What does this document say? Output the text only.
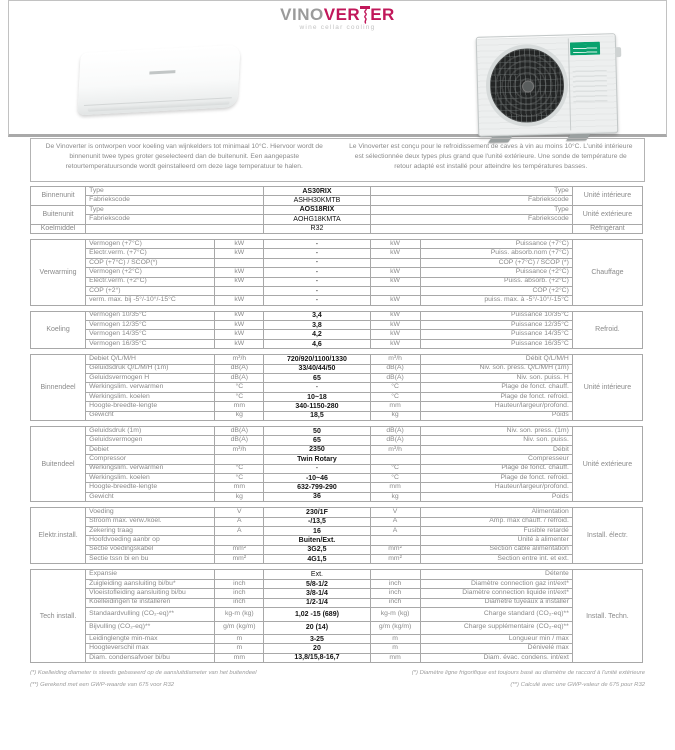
VINOVER ER
wine cellar cooling
De Vinoverter is ontworpen voor koeling van wijnkelders tot minimaal 10°C. Hiervoor wordt de binnenunit twee types groter geselecteerd dan de buitenunit. Een aangepaste retourtemperatuursonde wordt geinstalleerd om deze lage temperatuur te halen.
Le Vinoverter est conçu pour le refroidissement de caves à vin au moins 10°C. L'unité intérieure est sélectionnée deux types plus grand que l'unité extérieure. Une sonde de température de retour adapté est installé pour atteindre les températures basses.
Binnenunit	Type	AS30RIX	Type	Unité intérieure
	Fabriekscode	ASHH30KMTB	Fabriekscode	
Buitenunit	Type	AOS18RIX	Type	Unité extérieure
	Fabriekscode	AOHG18KMTA	Fabriekscode	
Koelmiddel		R32		Réfrigérant
Verwarming	Vermogen (+7°C)	kW	-	kW	Puissance (+7°C)	Chauffage
	Electr.verm. (+7°C)	kW	-	kW	Puiss. absorb.nom (+7°C)	
	COP (+7°C) / SCOP(*)		-		COP (+7°C) / SCOP (*)	
	Vermogen (+2°C)	kW	-	kW	Puissance (+2°C)	
	Electr.verm. (+2°C)	kW	-	kW	Puiss. absorb. (+2°C)	
	COP (+2°)		-		COP (+2°C)	
	verm. max. bij -5°/-10°/-15°C	kW	-	kW	puiss. max. à -5°/-10°/-15°C	
Koeling	Vermogen 10/35°C	kW	3,4	kW	Puissance 10/35°C	Refroid.
	Vermogen 12/35°C	kW	3,8	kW	Puissance 12/35°C	
	Vermogen 14/35°C	kW	4,2	kW	Puissance 14/35°C	
	Vermogen 16/35°C	kW	4,6	kW	Puissance 16/35°C	
Binnendeel	Debiet Q/L/M/H	m³/h	720/920/1100/1330	m³/h	Débit Q/L/M/H	Unité intérieure
	Geluidsdruk Q/L/M/H (1m)	dB(A)	33/40/44/50	dB(A)	Niv. son. press. Q/L/M/H (1m)	
	Geluidsvermogen H	dB(A)	65	dB(A)	Niv. son. puiss. H	
	Werkingslim. verwarmen	°C	-	°C	Plage de fonct. chauff.	
	Werkingslim. koelen	°C	10~18	°C	Plage de fonct. refroid.	
	Hoogte-breedte-lengte	mm	340-1150-280	mm	Hauteur/largeur/profond.	
	Gewicht	kg	18,5	kg	Poids	
Buitendeel	Geluidsdruk (1m)	dB(A)	50	dB(A)	Niv. son. press. (1m)	Unité extérieure
	Geluidsvermogen	dB(A)	65	dB(A)	Niv. son. puiss.	
	Debiet	m³/h	2350	m³/h	Débit	
	Compressor		Twin Rotary		Compresseur	
	Werkingslim. verwarmen	°C	-	°C	Plage de fonct. chauff.	
	Werkingslim. koelen	°C	-10~46	°C	Plage de fonct. refroid.	
	Hoogte-breedte-lengte	mm	632-799-290	mm	Hauteur/largeur/profond.	
	Gewicht	kg	36	kg	Poids	
Elektr.install.	Voeding	V	230/1F	V	Alimentation	Install. électr.
	Stroom max. verw./koel.	A	-/13,5	A	Amp. max chauff. / refroid.	
	Zekering traag	A	16	A	Fusible retardé	
	Hoofdvoeding aanbr op		Buiten/Ext.		Unité à alimenter	
	Sectie voedingskabel	mm²	3G2,5	mm²	Section câble alimentation	
	Sectie tssn bi en bu	mm²	4G1,5	mm²	Section entre int. et ext.	
Tech install.	Expansie		Ext.		Détente	Install. Techn.
	Zuigleiding aansluiting bi/bu*	inch	5/8-1/2	inch	Diamètre connection gaz int/ext*	
	Vloeistofleiding aansluiting bi/bu	inch	3/8-1/4	inch	Diamètre connection liquide int/ext*	
	Koelleidingen te installeren	inch	1/2-1/4	inch	Diamètre tuyeaux à installer	
	Standaardvulling (CO₂-eq)**	kg-m (kg)	1,02 -15 (689)	kg-m (kg)	Charge standard (CO₂-eq)**	
	Bijvulling (CO₂-eq)**	g/m (kg/m)	20 (14)	g/m (kg/m)	Charge supplémentaire (CO₂-eq)**	
	Leidinglengte min-max	m	3-25	m	Longueur min / max	
	Hoogteverschil max	m	20	m	Dénivelé max	
	Diam. condensafvoer bi/bu	mm	13,8/15,8-16,7	mm	Diam. évac. condens. int/ext	
(*) Koelleiding diameter is steeds gebaseerd op de aansluitdiameter van het buitendeel
(**) Gerekend met een GWP-waarde van 675 voor R32
(*) Diamètre ligne frigorifique est toujours basé au diamètre de raccord à l'unité extérieure
(**) Calculé avec une GWP-valeur de 675 pour R32
